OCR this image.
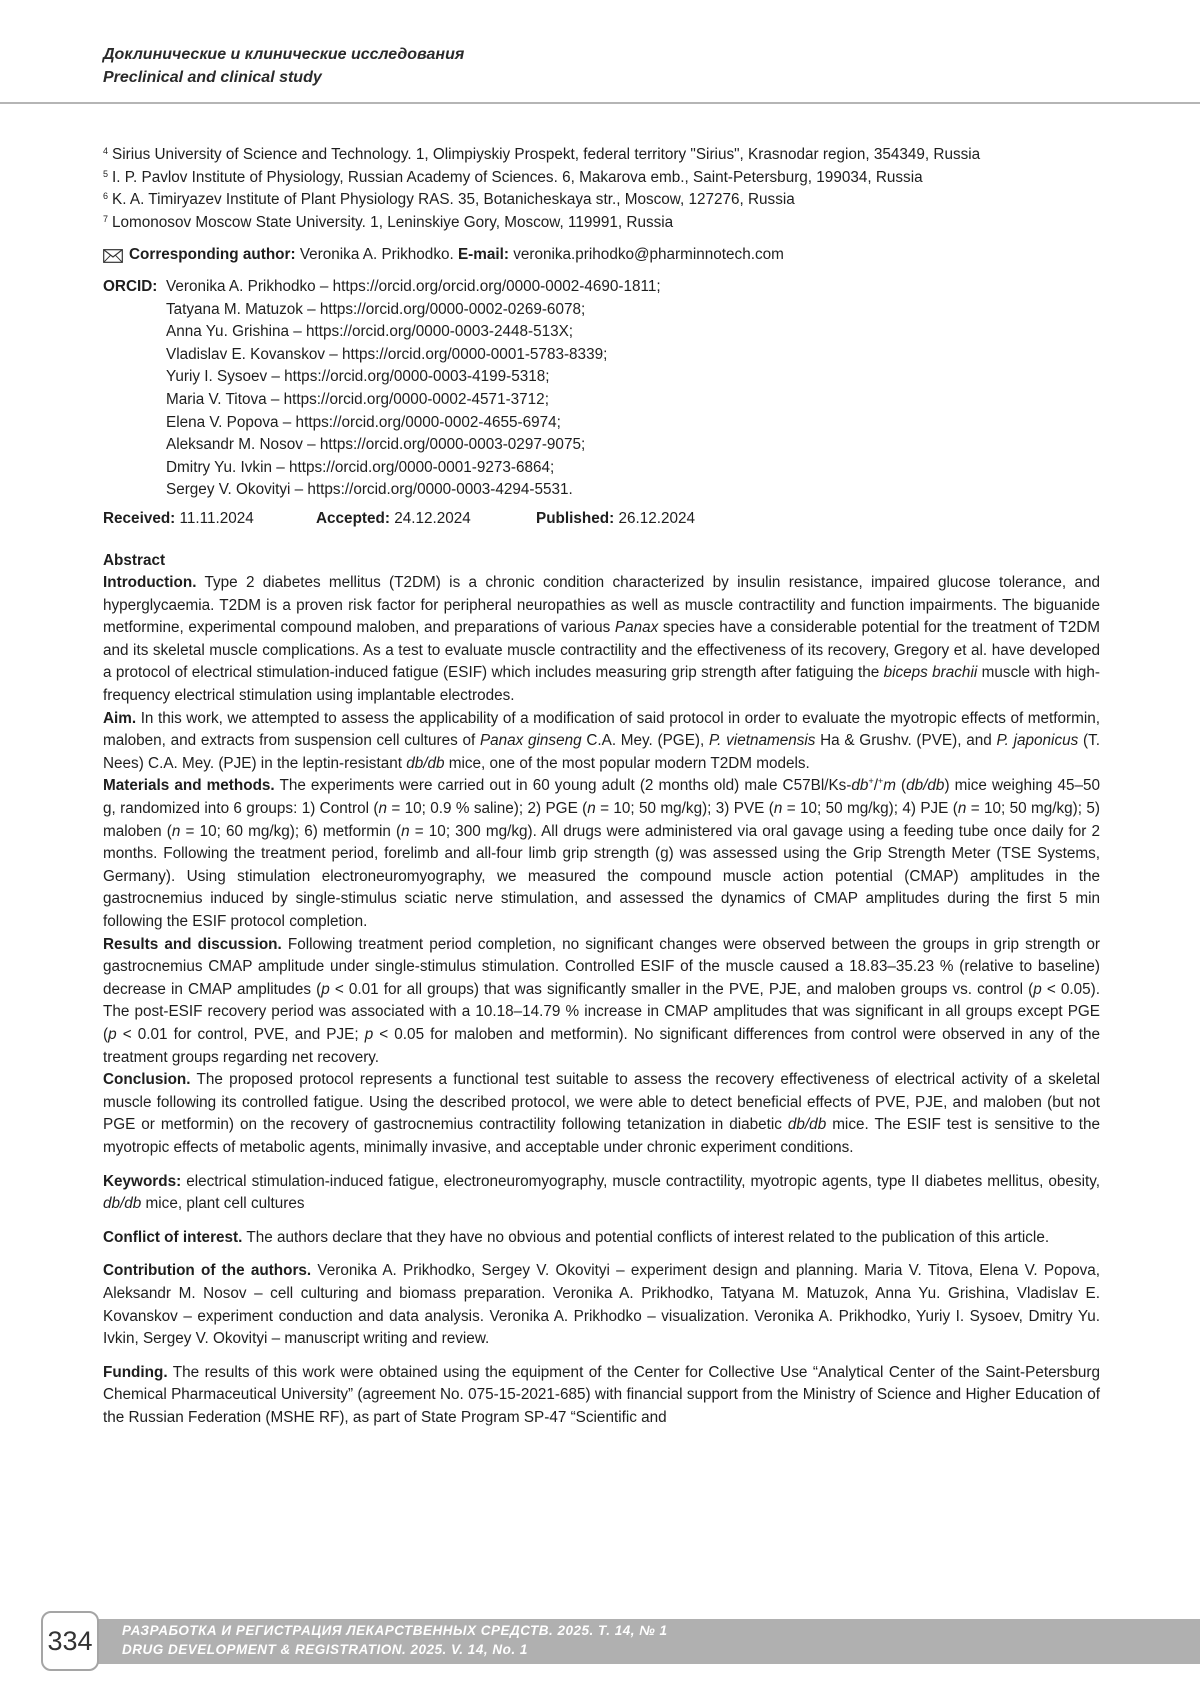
Доклинические и клинические исследования
Preclinical and clinical study

$^4$ Sirius University of Science and Technology. 1, Olimpiyskiy Prospekt, federal territory "Sirius", Krasnodar region, 354349, Russia

$^5$ I. P. Pavlov Institute of Physiology, Russian Academy of Sciences. 6, Makarova emb., Saint-Petersburg, 199034, Russia

$^6$ K. A. Timiryazev Institute of Plant Physiology RAS. 35, Botanicheskaya str., Moscow, 127276, Russia

$^7$ Lomonosov Moscow State University. 1, Leninskiye Gory, Moscow, 119991, Russia

Corresponding author: Veronika A. Prikhodko. E-mail: veronika.prihodko@pharminnotech.com
ORCID: Veronika A. Prikhodko – https://orcid.org/orcid.org/0000-0002-4690-1811;
Tatyana M. Matuzok – https://orcid.org/0000-0002-0269-6078;
Anna Yu. Grishina – https://orcid.org/0000-0003-2448-513X;
Vladislav E. Kovanskov – https://orcid.org/0000-0001-5783-8339;
Yuriy I. Sysoev – https://orcid.org/0000-0003-4199-5318;
Maria V. Titova – https://orcid.org/0000-0002-4571-3712;
Elena V. Popova – https://orcid.org/0000-0002-4655-6974;
Aleksandr M. Nosov – https://orcid.org/0000-0003-0297-9075;
Dmitry Yu. Ivkin – https://orcid.org/0000-0001-9273-6864;
Sergey V. Okovityi – https://orcid.org/0000-0003-4294-5531.
Received: 11.11.2024	Accepted: 24.12.2024	Published: 26.12.2024
Abstract

Introduction. Type 2 diabetes mellitus (T2DM) is a chronic condition characterized by insulin resistance, impaired glucose tolerance, and hyperglycaemia. T2DM is a proven risk factor for peripheral neuropathies as well as muscle contractility and function impairments. The biguanide metformine, experimental compound maloben, and preparations of various Panax species have a considerable potential for the treatment of T2DM and its skeletal muscle complications. As a test to evaluate muscle contractility and the effectiveness of its recovery, Gregory et al. have developed a protocol of electrical stimulation-induced fatigue (ESIF) which includes measuring grip strength after fatiguing the biceps brachii muscle with high-frequency electrical stimulation using implantable electrodes.

Aim. In this work, we attempted to assess the applicability of a modification of said protocol in order to evaluate the myotropic effects of metformin, maloben, and extracts from suspension cell cultures of Panax ginseng C.A. Mey. (PGE), P. vietnamensis Ha & Grushv. (PVE), and P. japonicus (T. Nees) C.A. Mey. (PJE) in the leptin-resistant db/db mice, one of the most popular modern T2DM models.

Materials and methods. The experiments were carried out in 60 young adult (2 months old) male C57Bl/Ks-db+/+m (db/db) mice weighing 45–50 g, randomized into 6 groups: 1) Control (n = 10; 0.9 % saline); 2) PGE (n = 10; 50 mg/kg); 3) PVE (n = 10; 50 mg/kg); 4) PJE (n = 10; 50 mg/kg); 5) maloben (n = 10; 60 mg/kg); 6) metformin (n = 10; 300 mg/kg). All drugs were administered via oral gavage using a feeding tube once daily for 2 months. Following the treatment period, forelimb and all-four limb grip strength (g) was assessed using the Grip Strength Meter (TSE Systems, Germany). Using stimulation electroneuromyography, we measured the compound muscle action potential (CMAP) amplitudes in the gastrocnemius induced by single-stimulus sciatic nerve stimulation, and assessed the dynamics of CMAP amplitudes during the first 5 min following the ESIF protocol completion.

Results and discussion. Following treatment period completion, no significant changes were observed between the groups in grip strength or gastrocnemius CMAP amplitude under single-stimulus stimulation. Controlled ESIF of the muscle caused a 18.83–35.23 % (relative to baseline) decrease in CMAP amplitudes (p < 0.01 for all groups) that was significantly smaller in the PVE, PJE, and maloben groups vs. control (p < 0.05). The post-ESIF recovery period was associated with a 10.18–14.79 % increase in CMAP amplitudes that was significant in all groups except PGE (p < 0.01 for control, PVE, and PJE; p < 0.05 for maloben and metformin). No significant differences from control were observed in any of the treatment groups regarding net recovery.

Conclusion. The proposed protocol represents a functional test suitable to assess the recovery effectiveness of electrical activity of a skeletal muscle following its controlled fatigue. Using the described protocol, we were able to detect beneficial effects of PVE, PJE, and maloben (but not PGE or metformin) on the recovery of gastrocnemius contractility following tetanization in diabetic db/db mice. The ESIF test is sensitive to the myotropic effects of metabolic agents, minimally invasive, and acceptable under chronic experiment conditions.

Keywords: electrical stimulation-induced fatigue, electroneuromyography, muscle contractility, myotropic agents, type II diabetes mellitus, obesity, db/db mice, plant cell cultures

Conflict of interest. The authors declare that they have no obvious and potential conflicts of interest related to the publication of this article.

Contribution of the authors. Veronika A. Prikhodko, Sergey V. Okovityi – experiment design and planning. Maria V. Titova, Elena V. Popova, Aleksandr M. Nosov – cell culturing and biomass preparation. Veronika A. Prikhodko, Tatyana M. Matuzok, Anna Yu. Grishina, Vladislav E. Kovanskov – experiment conduction and data analysis. Veronika A. Prikhodko – visualization. Veronika A. Prikhodko, Yuriy I. Sysoev, Dmitry Yu. Ivkin, Sergey V. Okovityi – manuscript writing and review.

Funding. The results of this work were obtained using the equipment of the Center for Collective Use “Analytical Center of the Saint-Petersburg Chemical Pharmaceutical University” (agreement No. 075-15-2021-685) with financial support from the Ministry of Science and Higher Education of the Russian Federation (MSHE RF), as part of State Program SP-47 “Scientific and

РАЗРАБОТКА И РЕГИСТРАЦИЯ ЛЕКАРСТВЕННЫХ СРЕДСТВ. 2025. Т. 14, № 1
DRUG DEVELOPMENT & REGISTRATION. 2025. V. 14, No. 1
334
